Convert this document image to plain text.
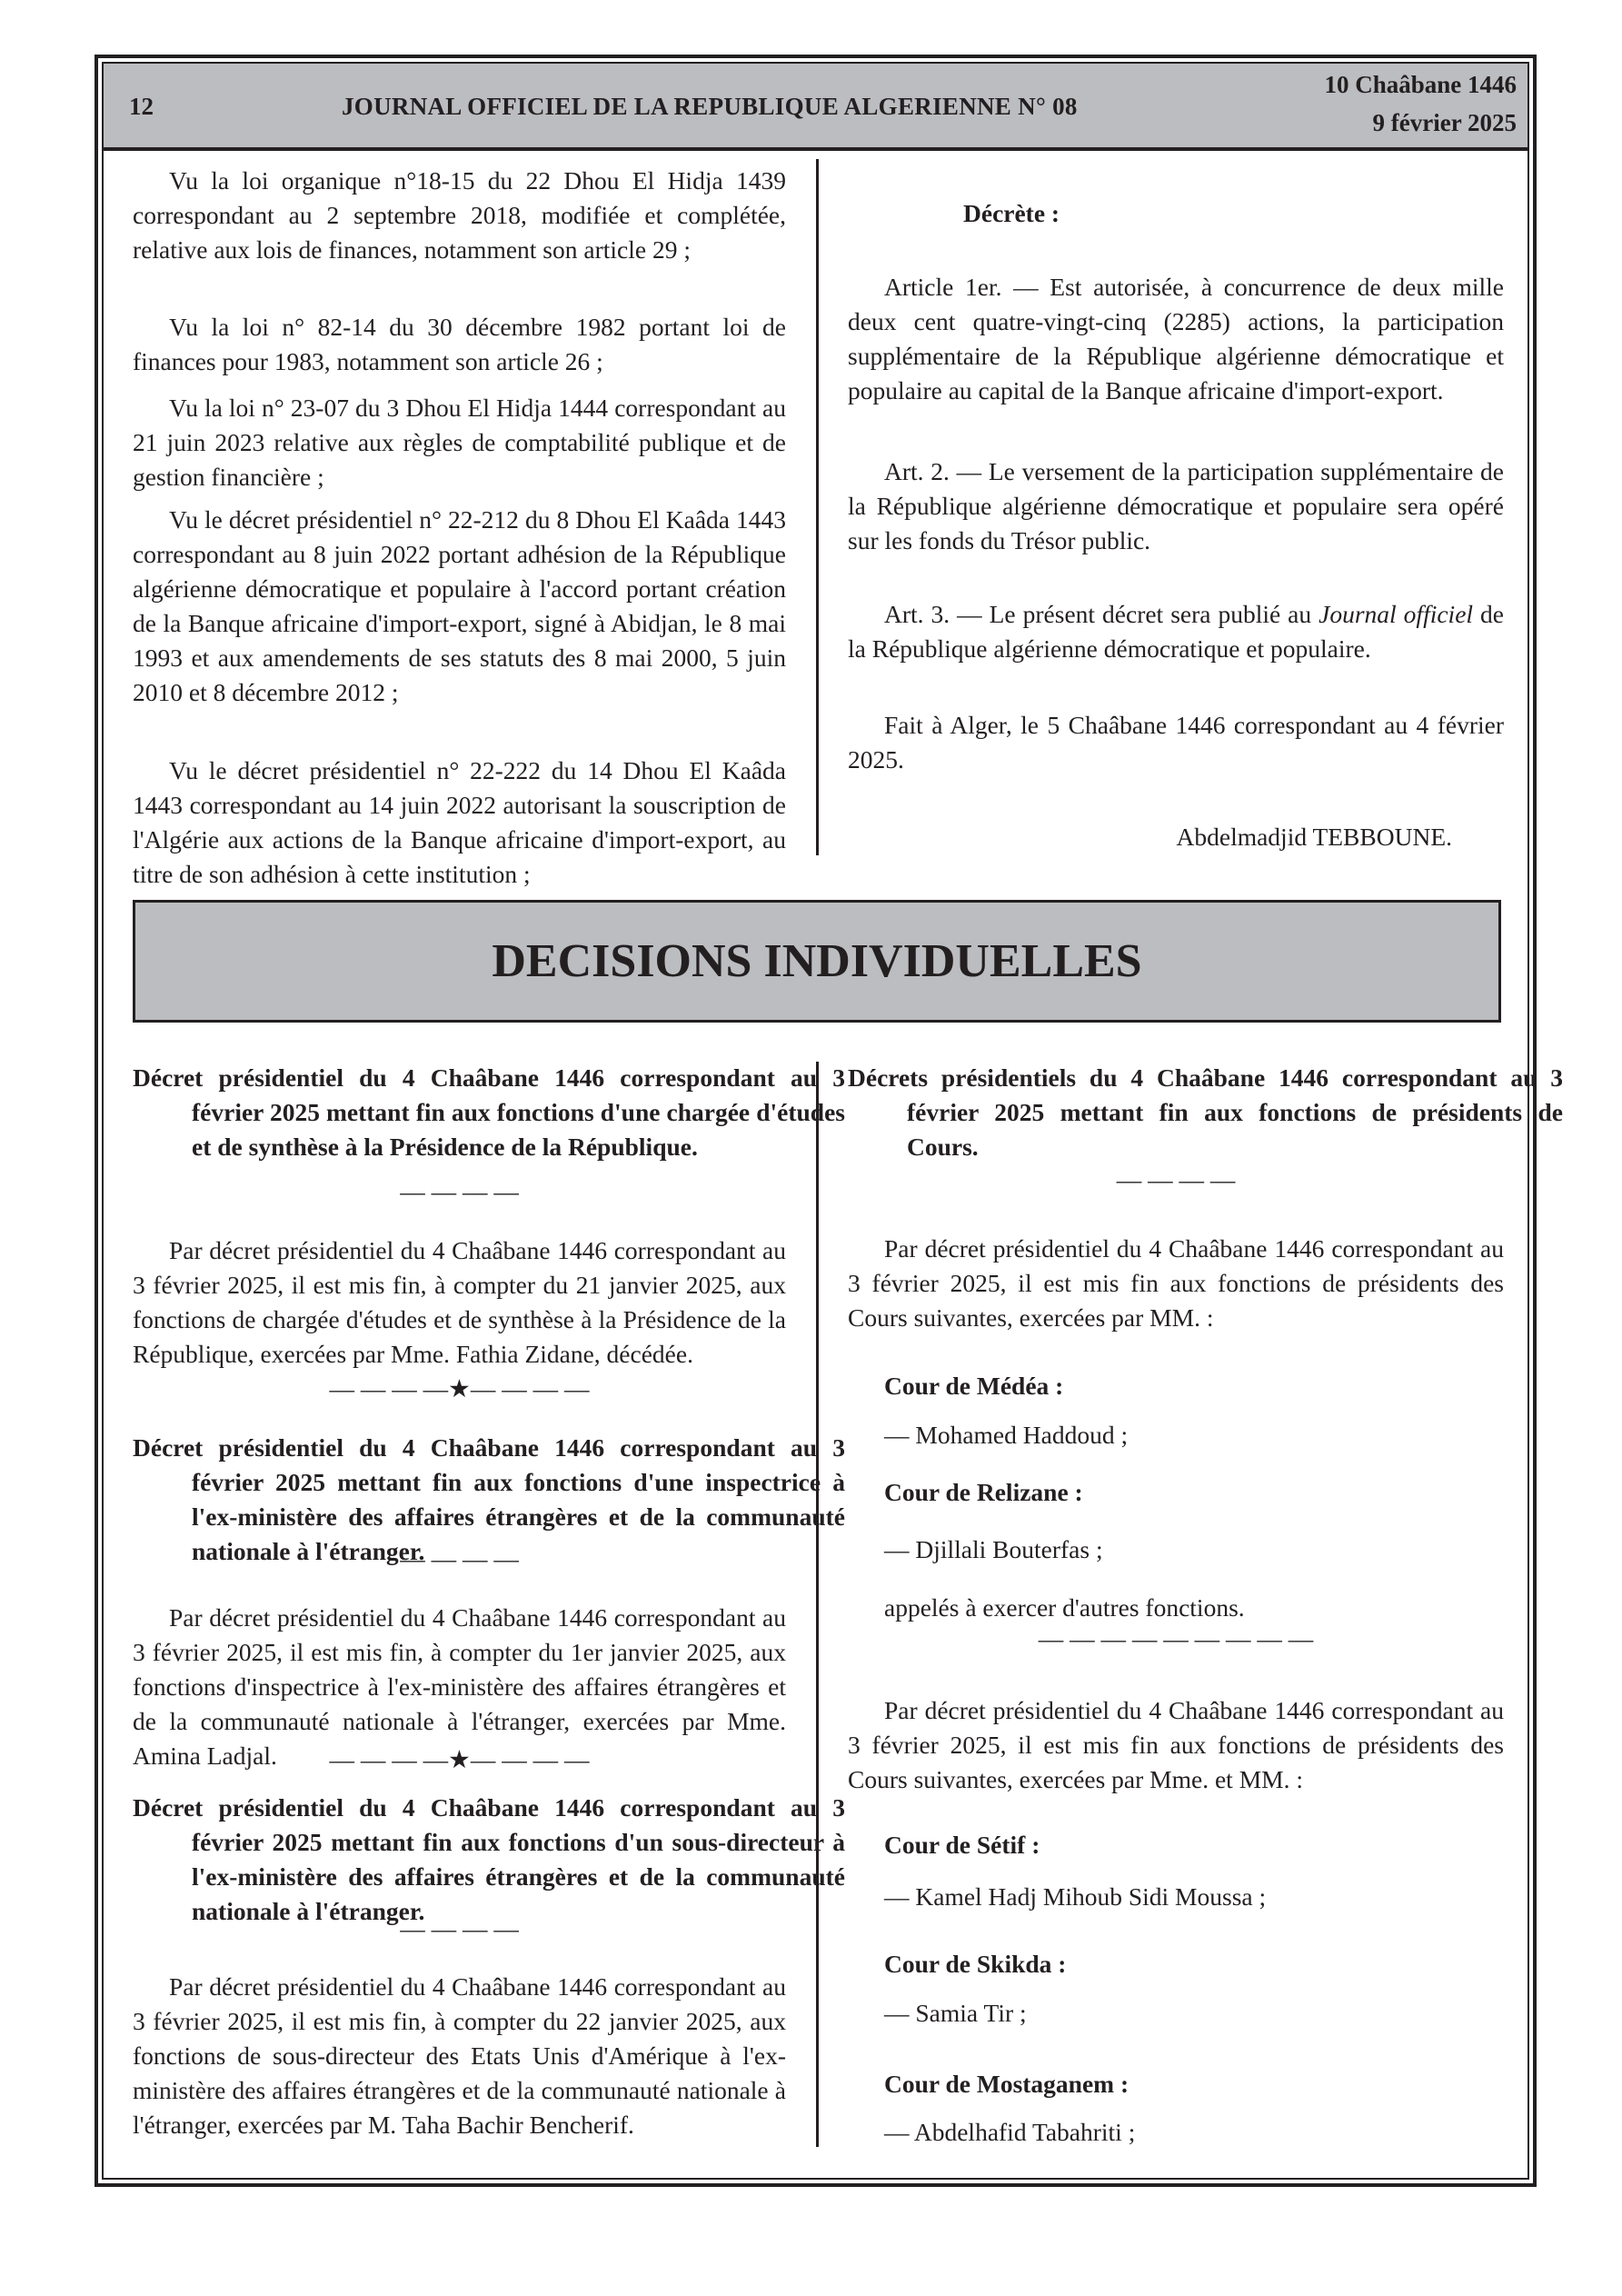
12	JOURNAL OFFICIEL DE LA REPUBLIQUE ALGERIENNE N° 08
10 Chaâbane 1446
9 février 2025
Vu la loi organique n°18-15 du 22 Dhou El Hidja 1439 correspondant au 2 septembre 2018, modifiée et complétée, relative aux lois de finances, notamment son article 29 ;
Vu la loi n° 82-14 du 30 décembre 1982 portant loi de finances pour 1983, notamment son article 26 ;
Vu la loi n° 23-07 du 3 Dhou El Hidja 1444 correspondant au 21 juin 2023 relative aux règles de comptabilité publique et de gestion financière ;
Vu le décret présidentiel n° 22-212 du 8 Dhou El Kaâda 1443 correspondant au 8 juin 2022 portant adhésion de la République algérienne démocratique et populaire à l'accord portant création de la Banque africaine d'import-export, signé à Abidjan, le 8 mai 1993 et aux amendements de ses statuts des 8 mai 2000, 5 juin 2010 et 8 décembre 2012 ;
Vu le décret présidentiel n° 22-222 du 14 Dhou El Kaâda 1443 correspondant au 14 juin 2022 autorisant la souscription de l'Algérie aux actions de la Banque africaine d'import-export, au titre de son adhésion à cette institution ;
Décrète :
Article 1er. — Est autorisée, à concurrence de deux mille deux cent quatre-vingt-cinq (2285) actions, la participation supplémentaire de la République algérienne démocratique et populaire au capital de la Banque africaine d'import-export.
Art. 2. — Le versement de la participation supplémentaire de la République algérienne démocratique et populaire sera opéré sur les fonds du Trésor public.
Art. 3. — Le présent décret sera publié au Journal officiel de la République algérienne démocratique et populaire.
Fait à Alger, le 5 Chaâbane 1446 correspondant au 4 février 2025.
Abdelmadjid TEBBOUNE.
DECISIONS INDIVIDUELLES
Décret présidentiel du 4 Chaâbane 1446 correspondant au 3 février 2025 mettant fin aux fonctions d'une chargée d'études et de synthèse à la Présidence de la République.
— — — —
Par décret présidentiel du 4 Chaâbane 1446 correspondant au 3 février 2025, il est mis fin, à compter du 21 janvier 2025, aux fonctions de chargée d'études et de synthèse à la Présidence de la République, exercées par Mme. Fathia Zidane, décédée.
— — — —★— — — —
Décret présidentiel du 4 Chaâbane 1446 correspondant au 3 février 2025 mettant fin aux fonctions d'une inspectrice à l'ex-ministère des affaires étrangères et de la communauté nationale à l'étranger.
— — — —
Par décret présidentiel du 4 Chaâbane 1446 correspondant au 3 février 2025, il est mis fin, à compter du 1er janvier 2025, aux fonctions d'inspectrice à l'ex-ministère des affaires étrangères et de la communauté nationale à l'étranger, exercées par Mme. Amina Ladjal.	— — — —★— — — —
Décret présidentiel du 4 Chaâbane 1446 correspondant au 3 février 2025 mettant fin aux fonctions d'un sous-directeur à l'ex-ministère des affaires étrangères et de la communauté nationale à l'étranger.
— — — —
Par décret présidentiel du 4 Chaâbane 1446 correspondant au 3 février 2025, il est mis fin, à compter du 22 janvier 2025, aux fonctions de sous-directeur des Etats Unis d'Amérique à l'ex-ministère des affaires étrangères et de la communauté nationale à l'étranger, exercées par M. Taha Bachir Bencherif.
Décrets présidentiels du 4 Chaâbane 1446 correspondant au 3 février 2025 mettant fin aux fonctions de présidents de Cours.
— — — —
Par décret présidentiel du 4 Chaâbane 1446 correspondant au 3 février 2025, il est mis fin aux fonctions de présidents des Cours suivantes, exercées par MM. :
Cour de Médéa :
— Mohamed Haddoud ;
Cour de Relizane :
— Djillali Bouterfas ;
appelés à exercer d'autres fonctions.
— — — — — — — — —
Par décret présidentiel du 4 Chaâbane 1446 correspondant au 3 février 2025, il est mis fin aux fonctions de présidents des Cours suivantes, exercées par Mme. et MM. :
Cour de Sétif :
— Kamel Hadj Mihoub Sidi Moussa ;
Cour de Skikda :
— Samia Tir ;
Cour de Mostaganem :
— Abdelhafid Tabahriti ;
